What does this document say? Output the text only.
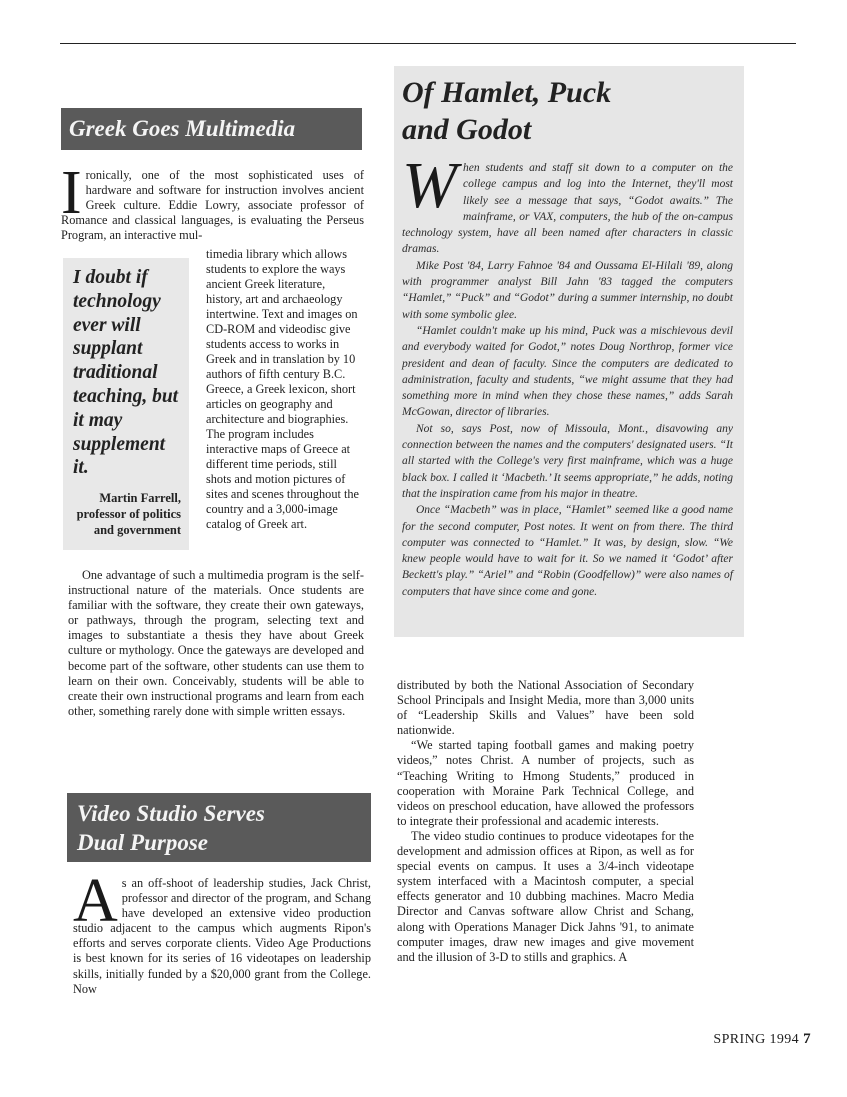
Greek Goes Multimedia
I ronically, one of the most sophisticated uses of hardware and software for instruction involves ancient Greek culture. Eddie Lowry, associate professor of Romance and classical languages, is evaluating the Perseus Program, an interactive mul-

I doubt if technology ever will supplant traditional teaching, but it may supplement it.

Martin Farrell, professor of politics and government

timedia library which allows students to explore the ways ancient Greek literature, history, art and archaeology intertwine. Text and images on CD-ROM and videodisc give students access to works in Greek and in translation by 10 authors of fifth century B.C. Greece, a Greek lexicon, short articles on geography and architecture and biographies. The program includes interactive maps of Greece at different time periods, still shots and motion pictures of sites and scenes throughout the country and a 3,000-image catalog of Greek art.

One advantage of such a multimedia program is the self-instructional nature of the materials. Once students are familiar with the software, they create their own gateways, or pathways, through the program, selecting text and images to substantiate a thesis they have about Greek culture or mythology. Once the gateways are developed and become part of the software, other students can use them to learn on their own. Conceivably, students will be able to create their own instructional programs and learn from each other, something rarely done with simple written essays.

Of Hamlet, Puck
and Godot

When students and staff sit down to a computer on the college campus and log into the Internet, they'll most likely see a message that says, “Godot awaits.” The mainframe, or VAX, computers, the hub of the on-campus technology system, have all been named after characters in classic dramas.

Mike Post '84, Larry Fahnoe '84 and Oussama El-Hilali '89, along with programmer analyst Bill Jahn '83 tagged the computers “Hamlet,” “Puck” and “Godot” during a summer internship, no doubt with some symbolic glee.

“Hamlet couldn't make up his mind, Puck was a mischievous devil and everybody waited for Godot,” notes Doug Northrop, former vice president and dean of faculty. Since the computers are dedicated to administration, faculty and students, “we might assume that they had something more in mind when they chose these names,” adds Sarah McGowan, director of libraries.

Not so, says Post, now of Missoula, Mont., disavowing any connection between the names and the computers' designated users. “It all started with the College's very first mainframe, which was a huge black box. I called it ‘Macbeth.’ It seems appropriate,” he adds, noting that the inspiration came from his major in theatre.

Once “Macbeth” was in place, “Hamlet” seemed like a good name for the second computer, Post notes. It went on from there. The third computer was connected to “Hamlet.” It was, by design, slow. “We knew people would have to wait for it. So we named it ‘Godot’ after Beckett's play.” “Ariel” and “Robin (Goodfellow)” were also names of computers that have since come and gone.

distributed by both the National Association of Secondary School Principals and Insight Media, more than 3,000 units of “Leadership Skills and Values” have been sold nationwide.

“We started taping football games and making poetry videos,” notes Christ. A number of projects, such as “Teaching Writing to Hmong Students,” produced in cooperation with Moraine Park Technical College, and videos on preschool education, have allowed the professors to integrate their professional and academic interests.

The video studio continues to produce videotapes for the development and admission offices at Ripon, as well as for special events on campus. It uses a 3/4-inch videotape system interfaced with a Macintosh computer, a special effects generator and 10 dubbing machines. Macro Media Director and Canvas software allow Christ and Schang, along with Operations Manager Dick Jahns '91, to animate computer images, draw new images and give movement and the illusion of 3-D to stills and graphics. A

Video Studio Serves
Dual Purpose
A s an off-shoot of leadership studies, Jack Christ, professor and director of the program, and Schang have developed an extensive video production studio adjacent to the campus which augments Ripon's efforts and serves corporate clients. Video Age Productions is best known for its series of 16 videotapes on leadership skills, initially funded by a $20,000 grant from the College. Now
SPRING 1994 7
